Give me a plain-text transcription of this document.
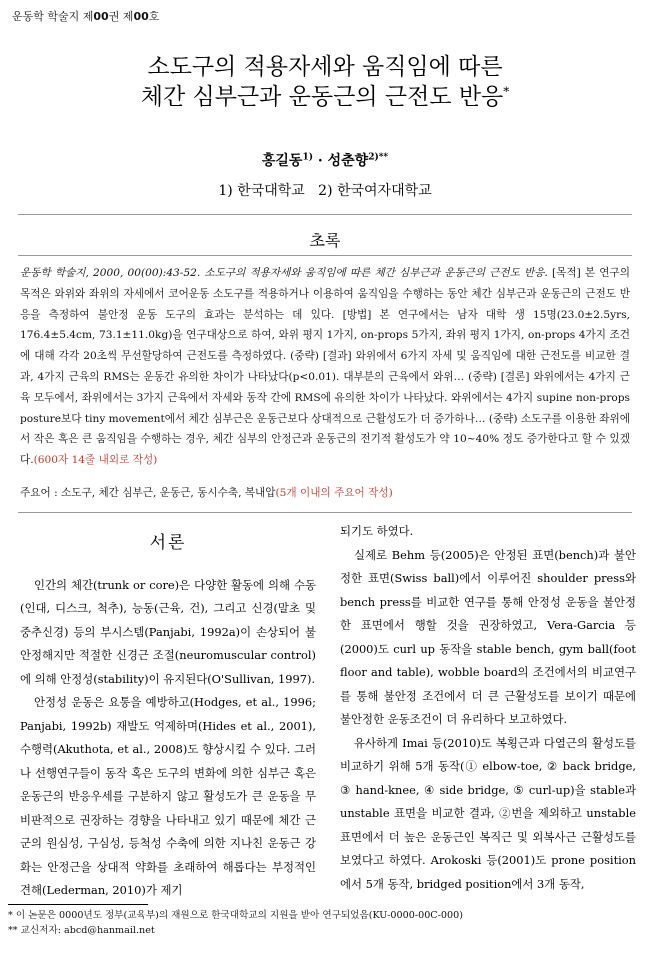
운동학 학술지 제00권 제00호
소도구의 적용자세와 움직임에 따른
체간 심부근과 운동근의 근전도 반응*
홍길동$^{1)}$ · 성춘향$^{2)**}$
1) 한국대학교 2) 한국여자대학교
초록
운동학 학술지, 2000, 00(00):43-52. 소도구의 적용자세와 움직임에 따른 체간 심부근과 운동근의 근전도 반응. [목적] 본 연구의 목적은 와위와 좌위의 자세에서 코어운동 소도구를 적용하거나 이용하여 움직임을 수행하는 동안 체간 심부근과 운동근의 근전도 반응을 측정하여 불안정 운동 도구의 효과는 분석하는 데 있다. [방법] 본 연구에서는 남자 대학 생 15명(23.0±2.5yrs, 176.4±5.4cm, 73.1±11.0kg)을 연구대상으로 하여, 와위 평지 1가지, on-props 5가지, 좌위 평지 1가지, on-props 4가지 조건에 대해 각각 20초씩 무선할당하여 근전도를 측정하였다. (중략) [결과] 와위에서 6가지 자세 및 움직임에 대한 근전도를 비교한 결과, 4가지 근육의 RMS는 운동간 유의한 차이가 나타났다(p<0.01). 대부분의 근육에서 와위… (중략) [결론] 와위에서는 4가지 근육 모두에서, 좌위에서는 3가지 근육에서 자세와 동작 간에 RMS에 유의한 차이가 나타났다. 와위에서는 4가지 supine non-props posture보다 tiny movement에서 체간 심부근은 운동근보다 상대적으로 근활성도가 더 증가하나… (중략) 소도구를 이용한 좌위에서 작은 혹은 큰 움직임을 수행하는 경우, 체간 심부의 안정근과 운동근의 전기적 활성도가 약 10~40% 정도 증가한다고 할 수 있겠다.(600자 14줄 내외로 작성)
주요어 : 소도구, 체간 심부근, 운동근, 동시수축, 복내압(5개 이내의 주요어 작성)
서론

인간의 체간(trunk or core)은 다양한 활동에 의해 수동(인대, 디스크, 척추), 능동(근육, 건), 그리고 신경(말초 및 중추신경) 등의 부시스템(Panjabi, 1992a)이 손상되어 불안정해지만 적절한 신경근 조절(neuromuscular control)에 의해 안정성(stability)이 유지된다(O'Sullivan, 1997).

안정성 운동은 요통을 예방하고(Hodges, et al., 1996; Panjabi, 1992b) 재발도 억제하며(Hides et al., 2001), 수행력(Akuthota, et al., 2008)도 향상시킬 수 있다. 그러나 선행연구들이 동작 혹은 도구의 변화에 의한 심부근 혹은 운동근의 반응우세를 구분하지 않고 활성도가 큰 운동을 무비판적으로 권장하는 경향을 나타내고 있기 때문에 체간 근군의 원심성, 구심성, 등척성 수축에 의한 지나친 운동근 강화는 안정근을 상대적 약화를 초래하여 해롭다는 부정적인 견해(Lederman, 2010)가 제기

되기도 하였다.

실제로 Behm 등(2005)은 안정된 표면(bench)과 불안정한 표면(Swiss ball)에서 이루어진 shoulder press와 bench press를 비교한 연구를 통해 안정성 운동을 불안정한 표면에서 행할 것을 권장하였고, Vera-Garcia 등(2000)도 curl up 동작을 stable bench, gym ball(foot floor and table), wobble board의 조건에서의 비교연구를 통해 불안정 조건에서 더 큰 근활성도를 보이기 때문에 불안정한 운동조건이 더 유리하다 보고하였다.

유사하게 Imai 등(2010)도 복횡근과 다열근의 활성도를 비교하기 위해 5개 동작(① elbow-toe, ② back bridge, ③ hand-knee, ④ side bridge, ⑤ curl-up)을 stable과 unstable 표면을 비교한 결과, ②번을 제외하고 unstable 표면에서 더 높은 운동근인 복직근 및 외복사근 근활성도를 보였다고 하였다. Arokoski 등(2001)도 prone position에서 5개 동작, bridged position에서 3개 동작,

* 이 논문은 0000년도 정부(교육부)의 재원으로 한국대학교의 지원을 받아 연구되었음(KU-0000-00C-000)
** 교신저자: abcd@hanmail.net
